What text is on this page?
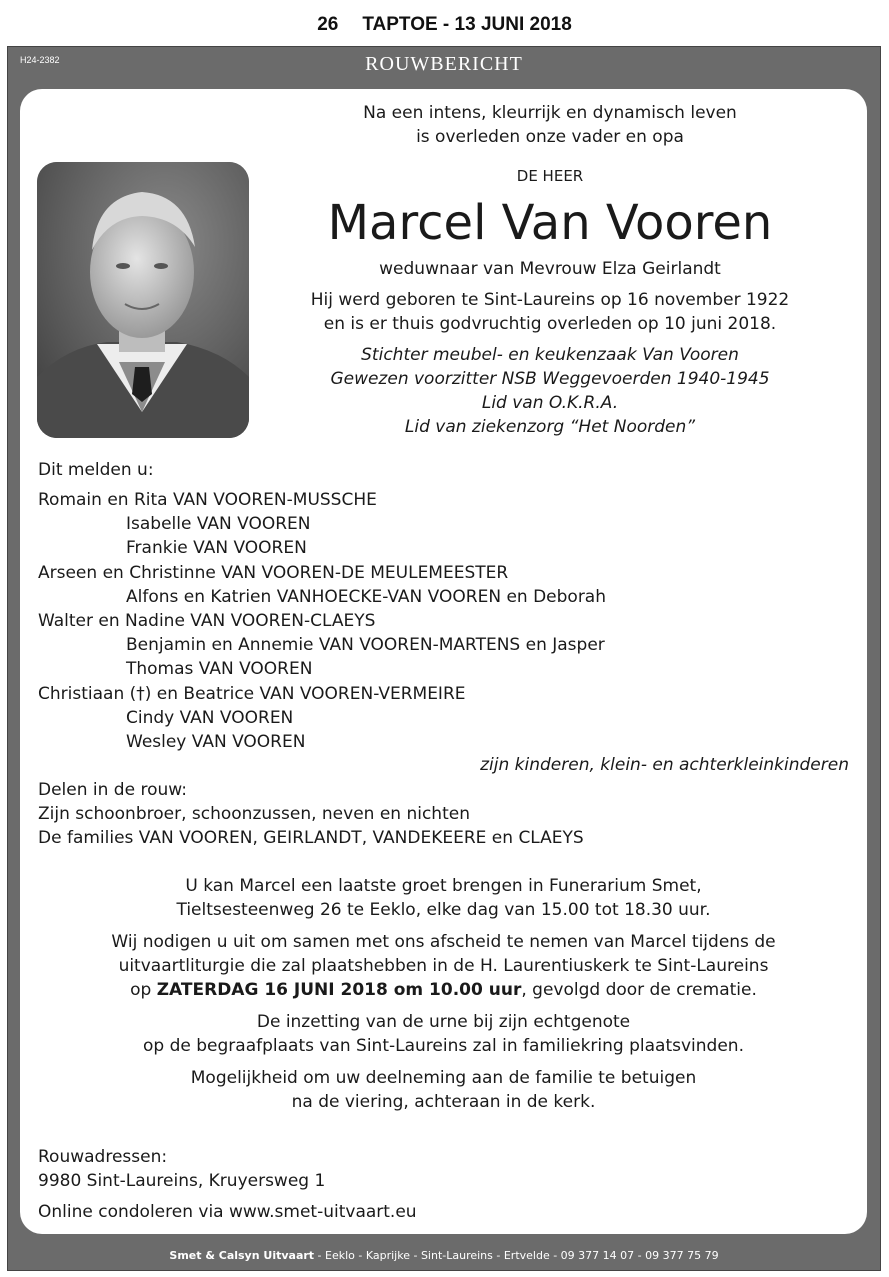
26 TAPTOE - 13 JUNI 2018
H24-2382	ROUWBERICHT
Na een intens, kleurrijk en dynamisch leven
is overleden onze vader en opa
DE HEER
Marcel Van Vooren
weduwnaar van Mevrouw Elza Geirlandt
Hij werd geboren te Sint-Laureins op 16 november 1922
en is er thuis godvruchtig overleden op 10 juni 2018.
Stichter meubel- en keukenzaak Van Vooren
Gewezen voorzitter NSB Weggevoerden 1940-1945
Lid van O.K.R.A.
Lid van ziekenzorg “Het Noorden”
Dit melden u:
Romain en Rita VAN VOOREN-MUSSCHE
Isabelle VAN VOOREN
Frankie VAN VOOREN
Arseen en Christinne VAN VOOREN-DE MEULEMEESTER
Alfons en Katrien VANHOECKE-VAN VOOREN en Deborah
Walter en Nadine VAN VOOREN-CLAEYS
Benjamin en Annemie VAN VOOREN-MARTENS en Jasper
Thomas VAN VOOREN
Christiaan (†) en Beatrice VAN VOOREN-VERMEIRE
Cindy VAN VOOREN
Wesley VAN VOOREN
zijn kinderen, klein- en achterkleinkinderen
Delen in de rouw:
Zijn schoonbroer, schoonzussen, neven en nichten
De families VAN VOOREN, GEIRLANDT, VANDEKEERE en CLAEYS
U kan Marcel een laatste groet brengen in Funerarium Smet,
Tieltsesteenweg 26 te Eeklo, elke dag van 15.00 tot 18.30 uur.
Wij nodigen u uit om samen met ons afscheid te nemen van Marcel tijdens de
uitvaartliturgie die zal plaatshebben in de H. Laurentiuskerk te Sint-Laureins
op ZATERDAG 16 JUNI 2018 om 10.00 uur, gevolgd door de crematie.
De inzetting van de urne bij zijn echtgenote
op de begraafplaats van Sint-Laureins zal in familiekring plaatsvinden.
Mogelijkheid om uw deelneming aan de familie te betuigen
na de viering, achteraan in de kerk.
Rouwadressen:
9980 Sint-Laureins, Kruyersweg 1
Online condoleren via www.smet-uitvaart.eu
Smet & Calsyn Uitvaart - Eeklo - Kaprijke - Sint-Laureins - Ertvelde - 09 377 14 07 - 09 377 75 79
